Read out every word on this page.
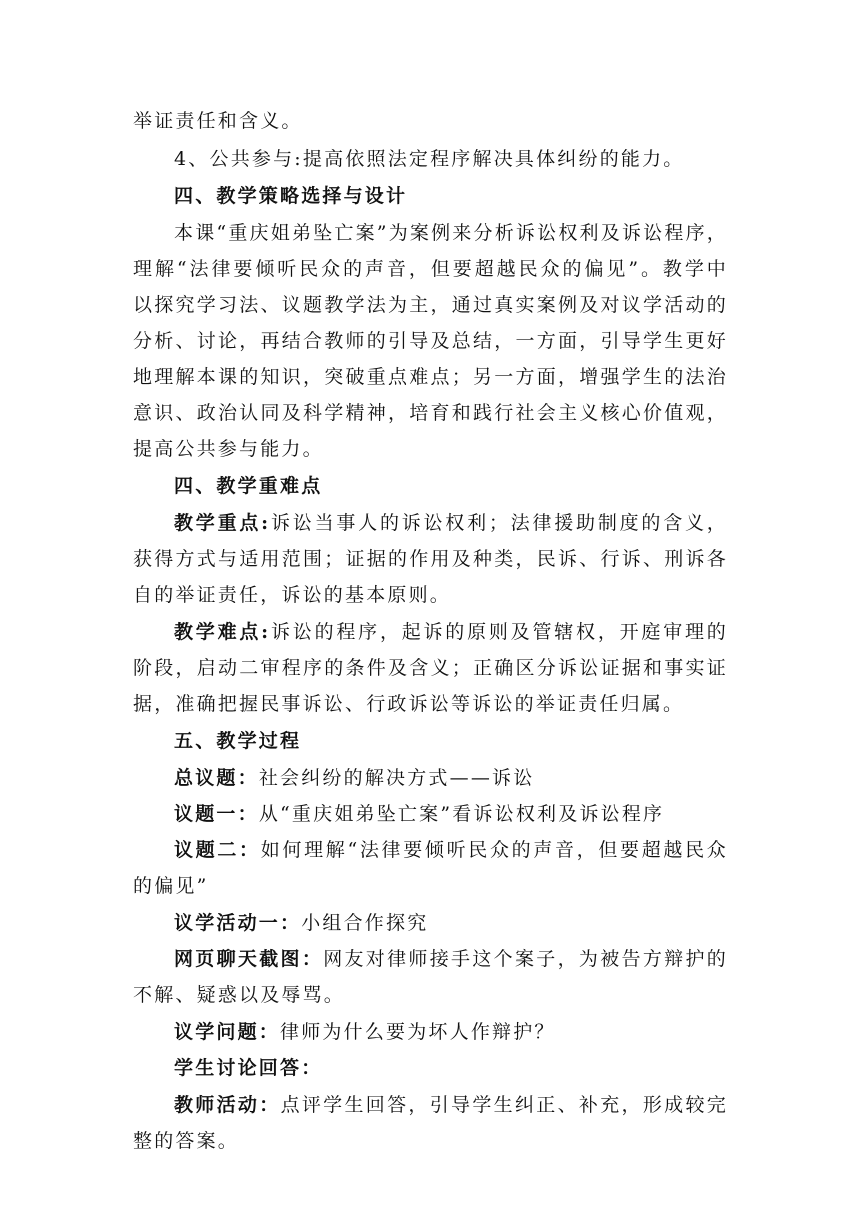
举证责任和含义。
4、公共参与:提高依照法定程序解决具体纠纷的能力。
四、教学策略选择与设计
本课“重庆姐弟坠亡案”为案例来分析诉讼权利及诉讼程序，
理解“法律要倾听民众的声音，但要超越民众的偏见”。教学中
以探究学习法、议题教学法为主，通过真实案例及对议学活动的
分析、讨论，再结合教师的引导及总结，一方面，引导学生更好
地理解本课的知识，突破重点难点；另一方面，增强学生的法治
意识、政治认同及科学精神，培育和践行社会主义核心价值观，
提高公共参与能力。
四、教学重难点
教学重点:诉讼当事人的诉讼权利；法律援助制度的含义，
获得方式与适用范围；证据的作用及种类，民诉、行诉、刑诉各
自的举证责任，诉讼的基本原则。
教学难点:诉讼的程序，起诉的原则及管辖权，开庭审理的
阶段，启动二审程序的条件及含义；正确区分诉讼证据和事实证
据，准确把握民事诉讼、行政诉讼等诉讼的举证责任归属。
五、教学过程
总议题：社会纠纷的解决方式——诉讼
议题一：从“重庆姐弟坠亡案”看诉讼权利及诉讼程序
议题二：如何理解“法律要倾听民众的声音，但要超越民众
的偏见”
议学活动一：小组合作探究
网页聊天截图：网友对律师接手这个案子，为被告方辩护的
不解、疑惑以及辱骂。
议学问题：律师为什么要为坏人作辩护？
学生讨论回答：
教师活动：点评学生回答，引导学生纠正、补充，形成较完
整的答案。
